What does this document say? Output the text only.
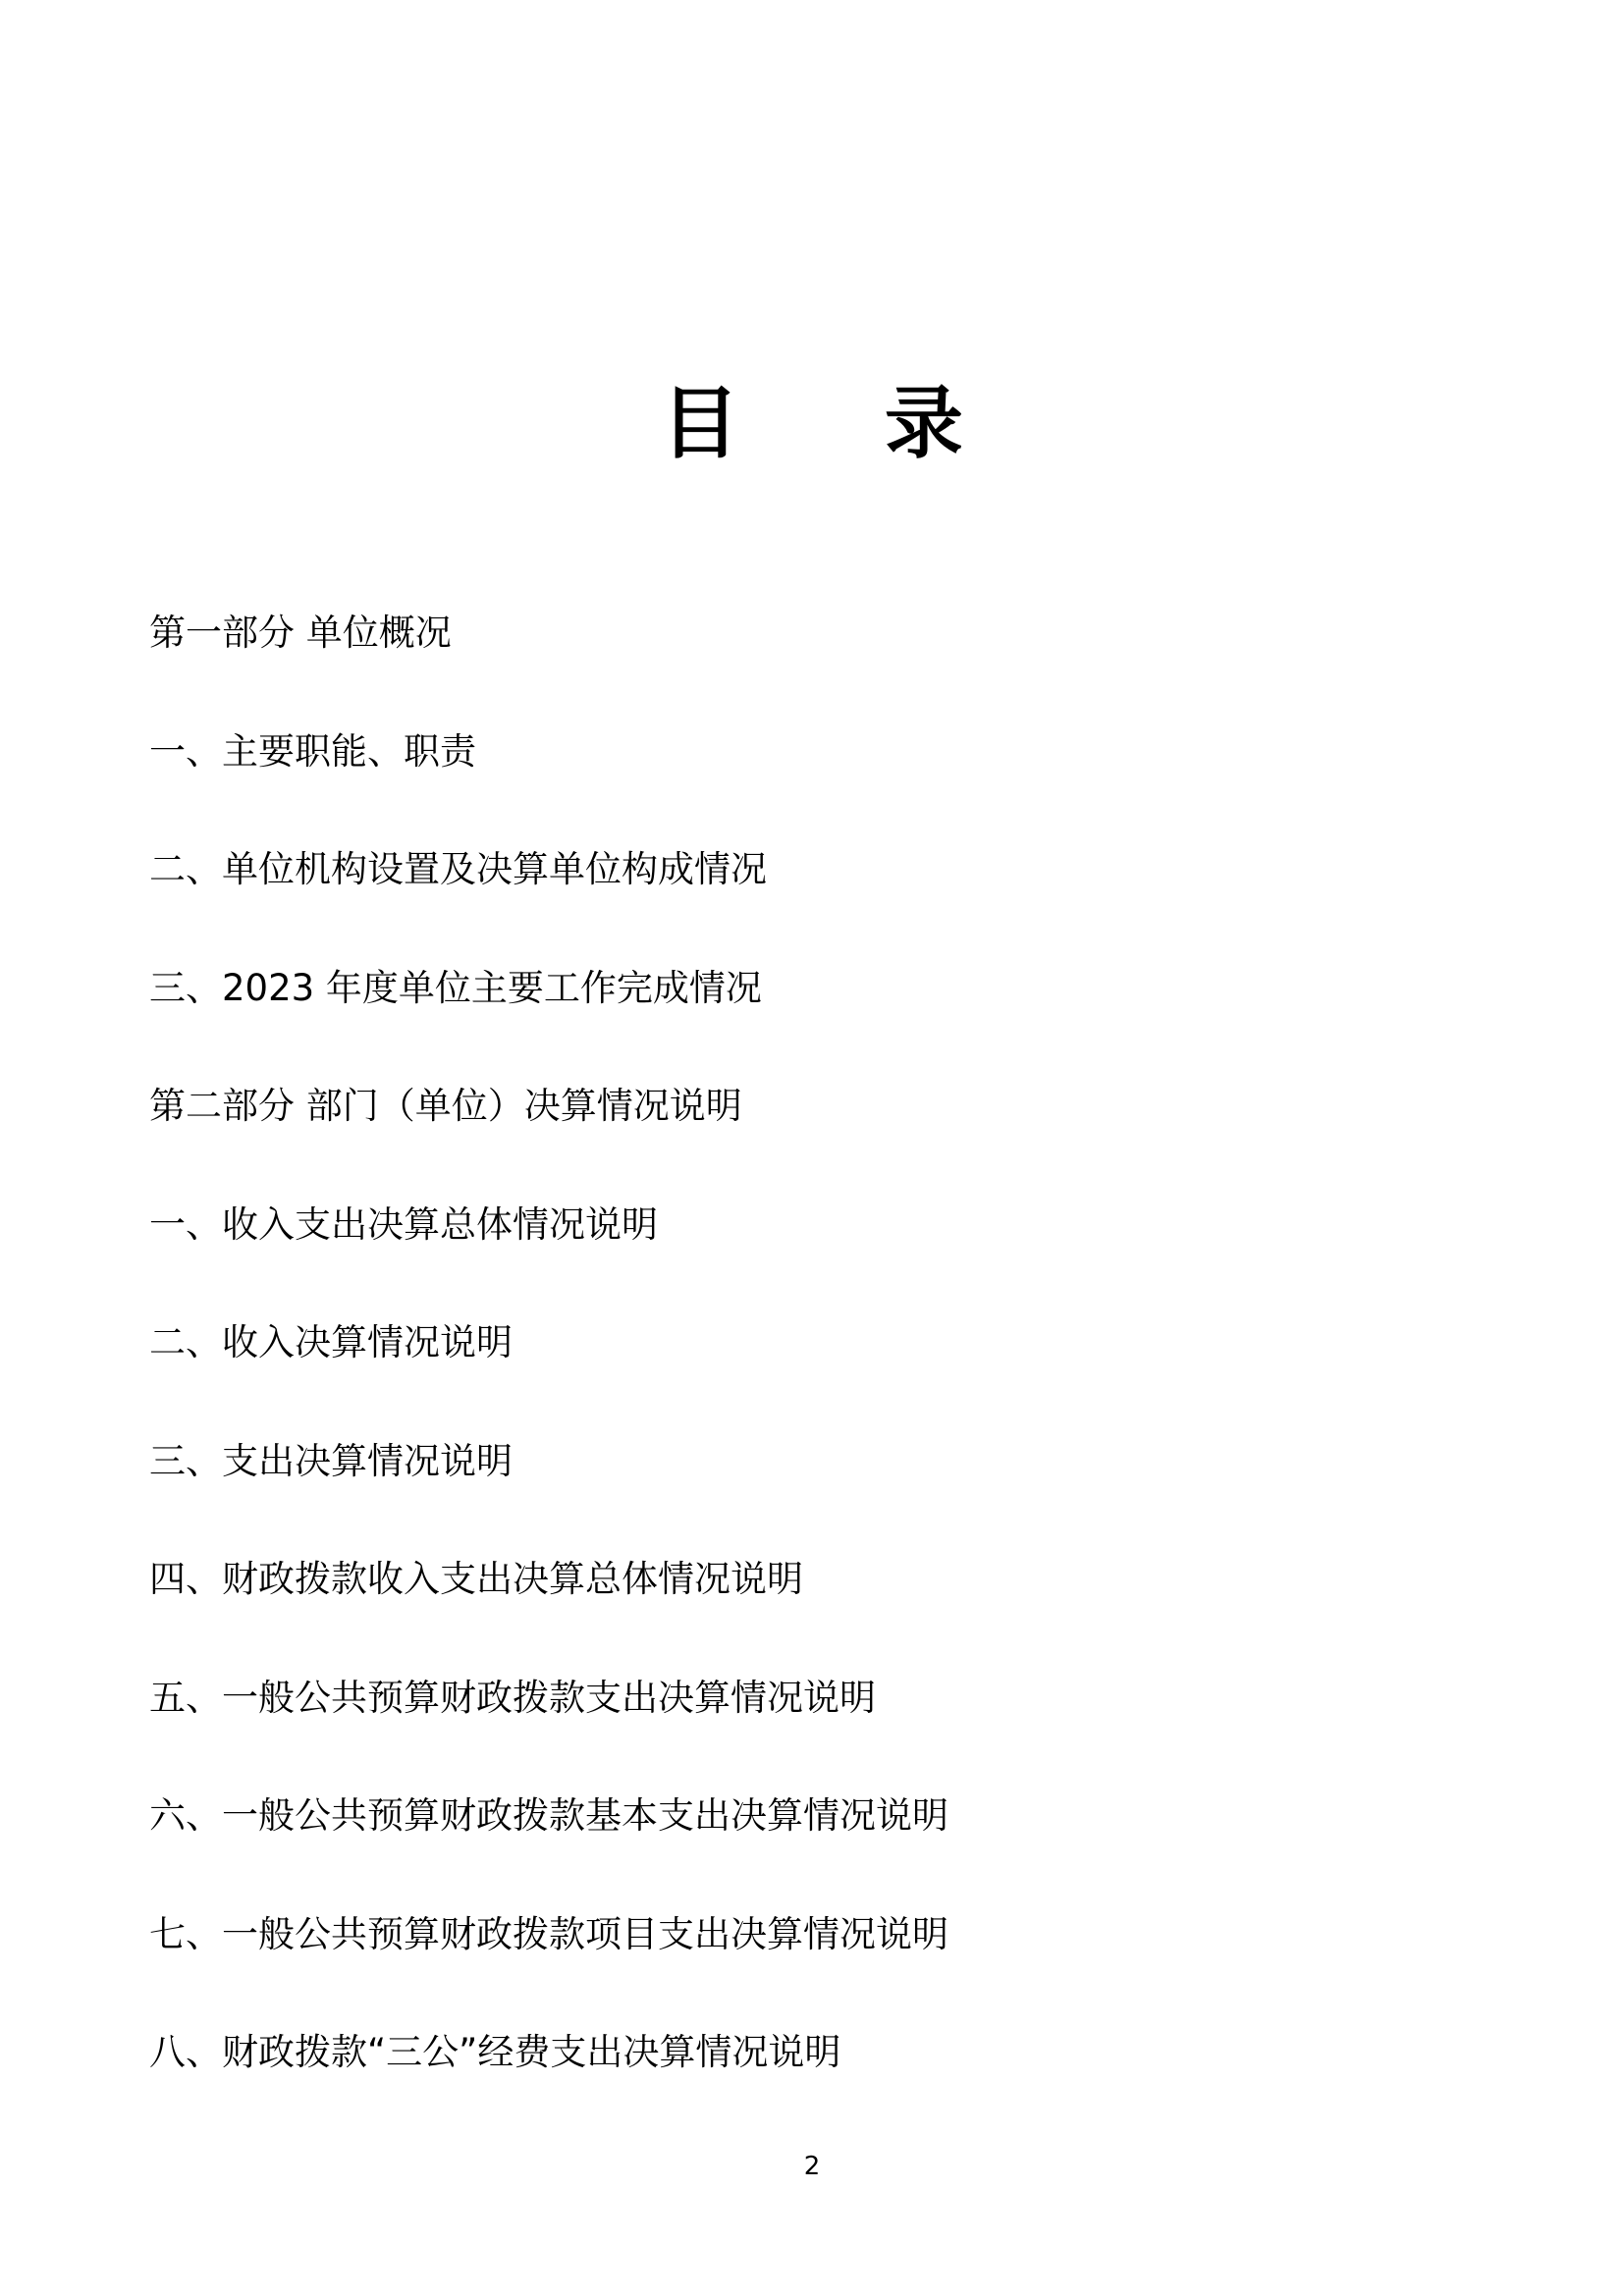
目 录
第一部分 单位概况
一、主要职能、职责
二、单位机构设置及决算单位构成情况
三、2023 年度单位主要工作完成情况
第二部分 部门（单位）决算情况说明
一、收入支出决算总体情况说明
二、收入决算情况说明
三、支出决算情况说明
四、财政拨款收入支出决算总体情况说明
五、一般公共预算财政拨款支出决算情况说明
六、一般公共预算财政拨款基本支出决算情况说明
七、一般公共预算财政拨款项目支出决算情况说明
八、财政拨款“三公”经费支出决算情况说明
2
